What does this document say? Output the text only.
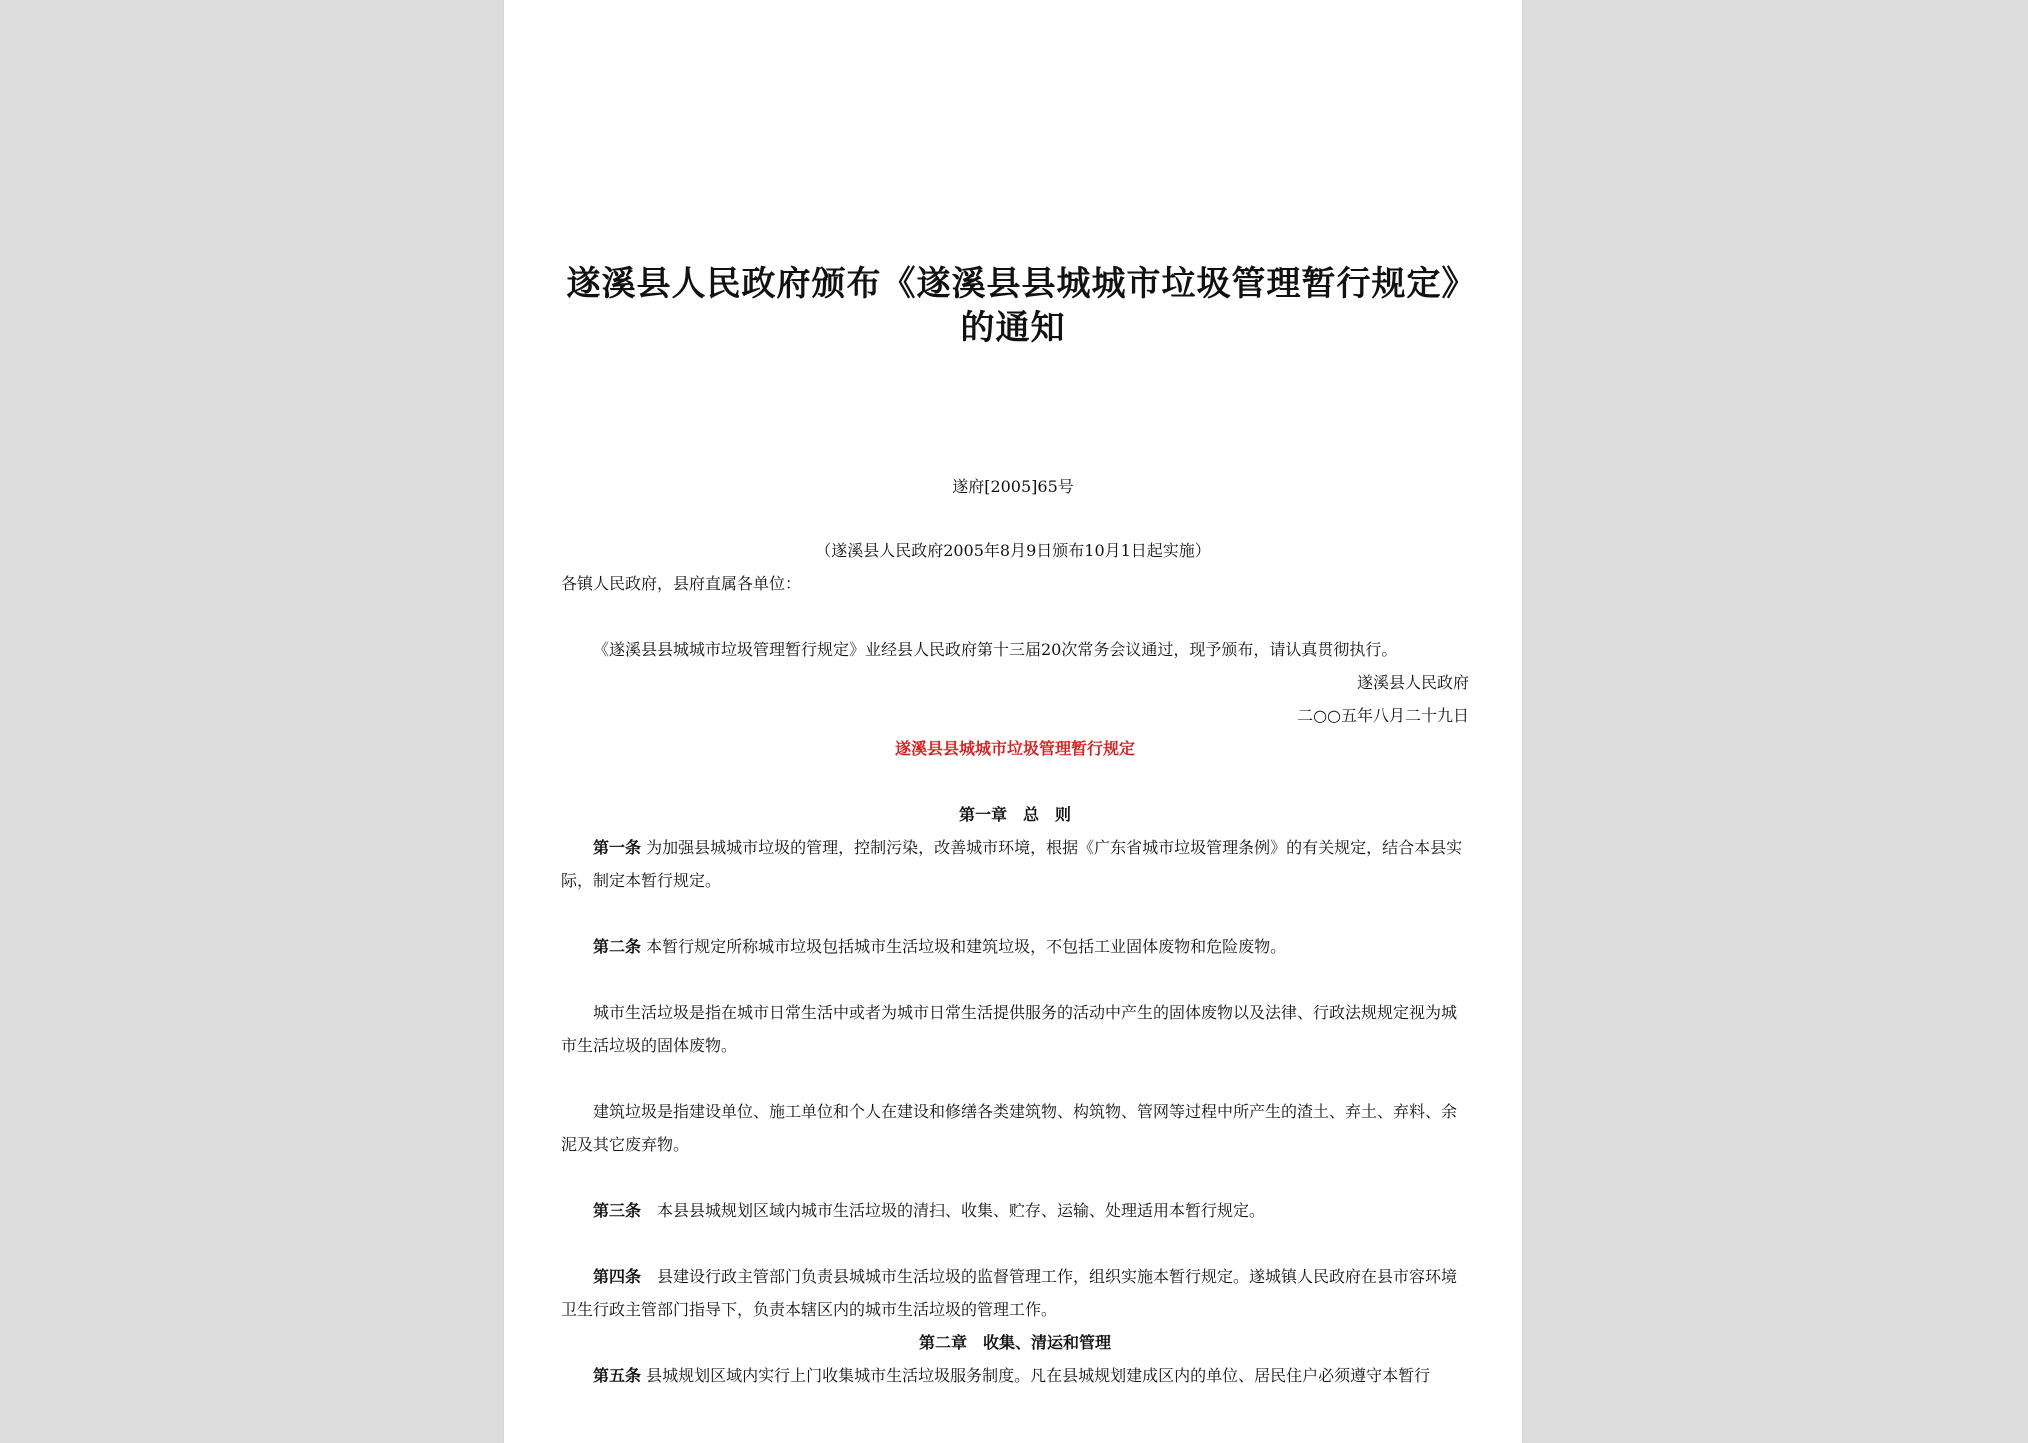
遂溪县人民政府颁布《遂溪县县城城市垃圾管理暂行规定》的通知
遂府[2005]65号
（遂溪县人民政府2005年8月9日颁布10月1日起实施）

各镇人民政府，县府直属各单位：

《遂溪县县城城市垃圾管理暂行规定》业经县人民政府第十三届20次常务会议通过，现予颁布，请认真贯彻执行。

遂溪县人民政府

二○○五年八月二十九日

遂溪县县城城市垃圾管理暂行规定

第一章　总　则

第一条 为加强县城城市垃圾的管理，控制污染，改善城市环境，根据《广东省城市垃圾管理条例》的有关规定，结合本县实际，制定本暂行规定。

第二条 本暂行规定所称城市垃圾包括城市生活垃圾和建筑垃圾，不包括工业固体废物和危险废物。

城市生活垃圾是指在城市日常生活中或者为城市日常生活提供服务的活动中产生的固体废物以及法律、行政法规规定视为城市生活垃圾的固体废物。

建筑垃圾是指建设单位、施工单位和个人在建设和修缮各类建筑物、构筑物、管网等过程中所产生的渣土、弃土、弃料、余泥及其它废弃物。

第三条　 本县县城规划区域内城市生活垃圾的清扫、收集、贮存、运输、处理适用本暂行规定。

第四条　 县建设行政主管部门负责县城城市生活垃圾的监督管理工作，组织实施本暂行规定。遂城镇人民政府在县市容环境卫生行政主管部门指导下，负责本辖区内的城市生活垃圾的管理工作。

第二章　收集、清运和管理

第五条 县城规划区域内实行上门收集城市生活垃圾服务制度。凡在县城规划建成区内的单位、居民住户必须遵守本暂行
